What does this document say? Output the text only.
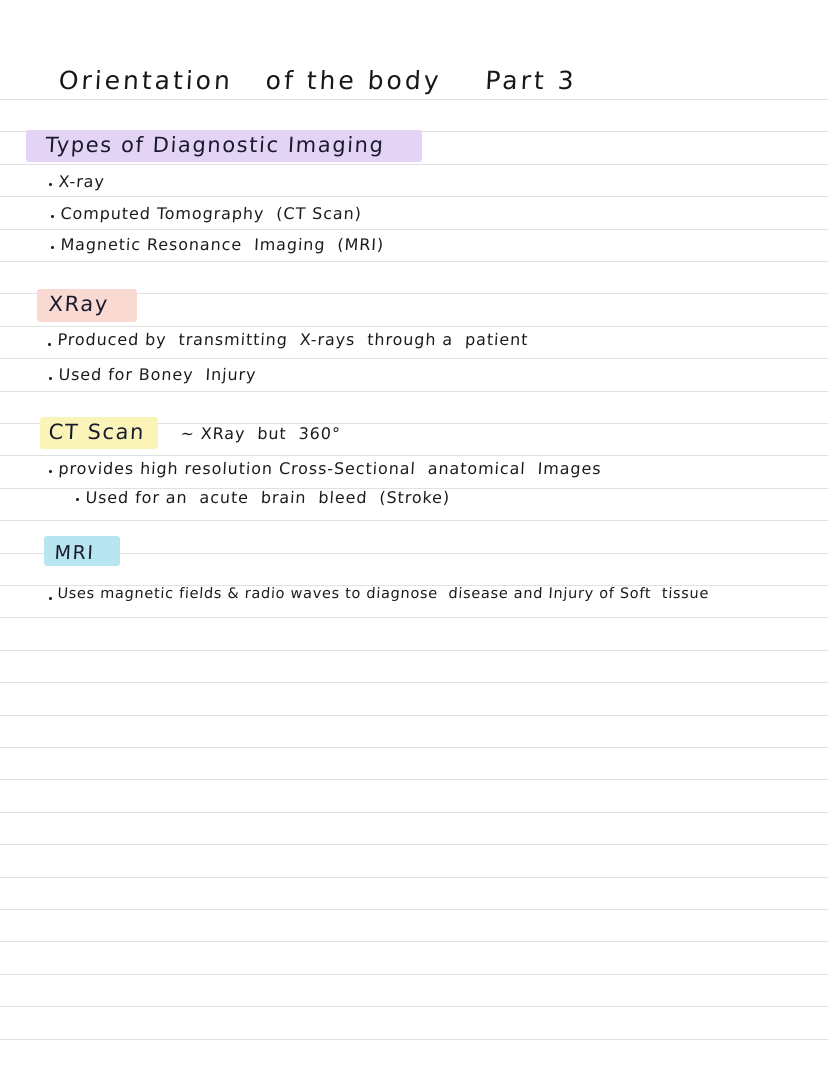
Orientation   of the body    Part 3
Types of Diagnostic Imaging
X-ray
Computed Tomography  (CT Scan)
Magnetic Resonance  Imaging  (MRI)
XRay
Produced by  transmitting  X-rays  through a  patient
Used for Boney  Injury
CT Scan ~ XRay  but  360°
provides high resolution Cross-Sectional  anatomical  Images
Used for an  acute  brain  bleed  (Stroke)
MRI
Uses magnetic fields & radio waves to diagnose  disease and Injury of Soft  tissue
